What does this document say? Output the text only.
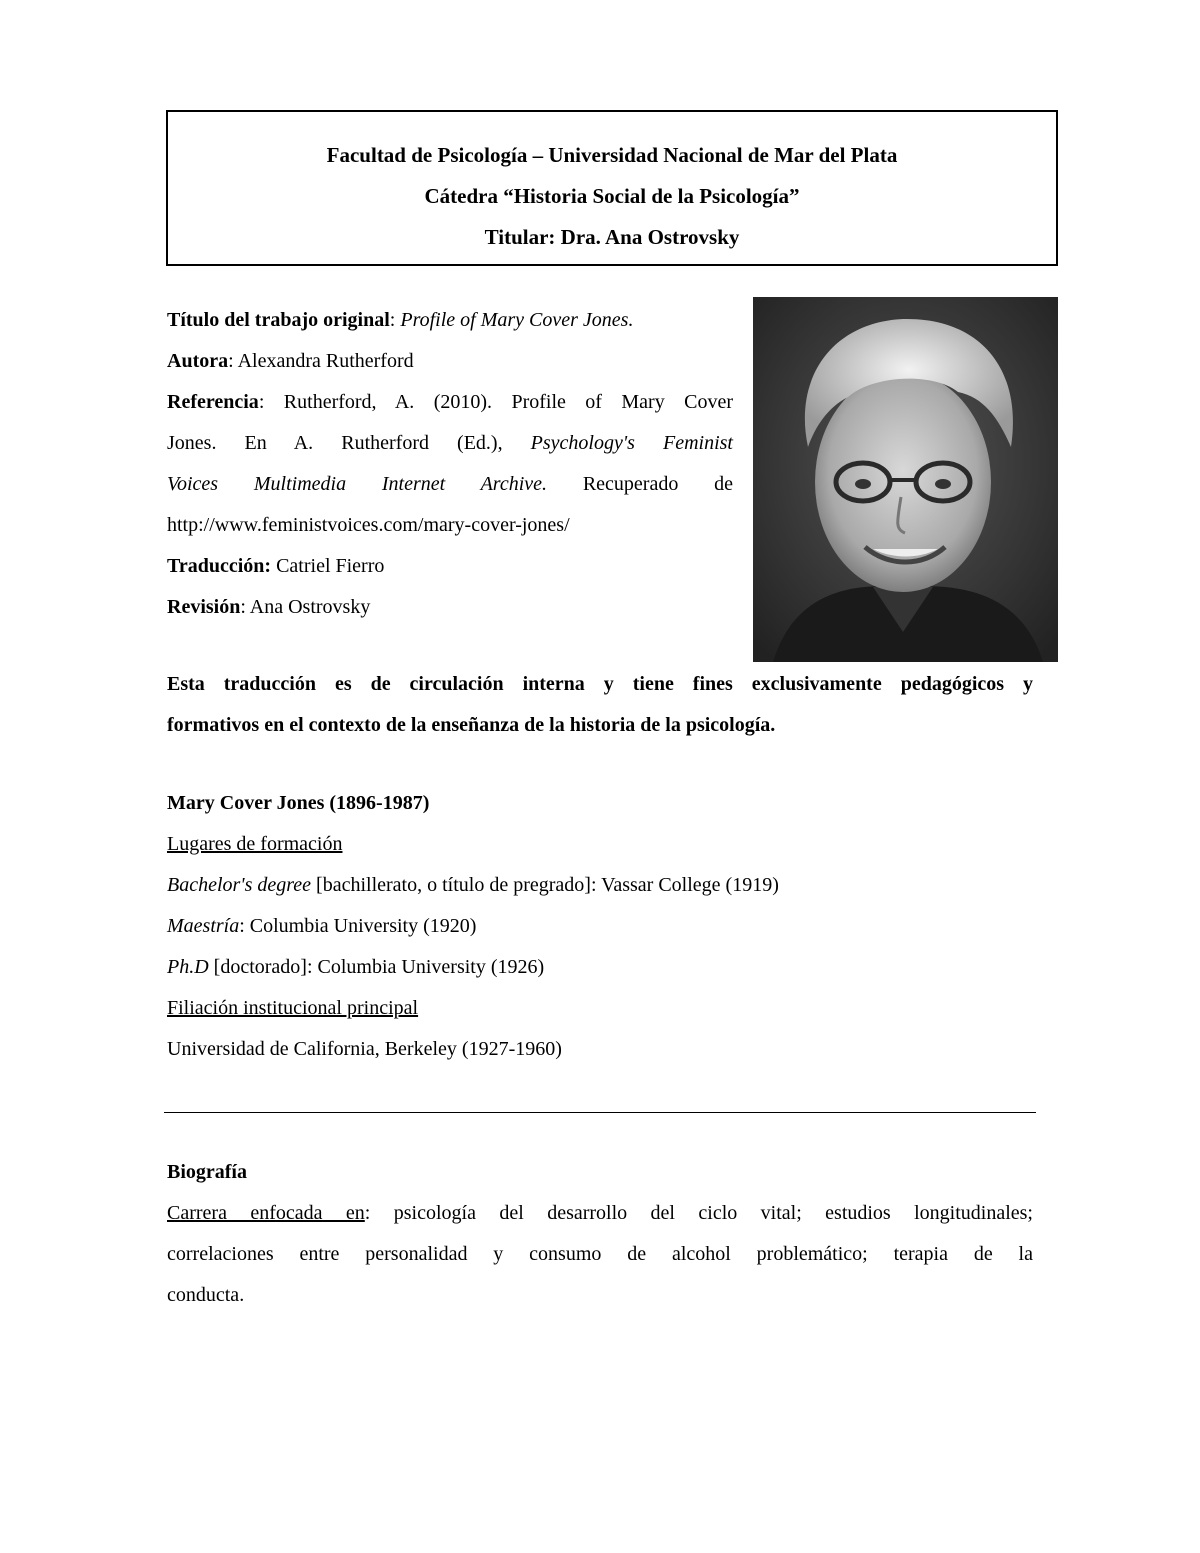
Facultad de Psicología – Universidad Nacional de Mar del Plata
Cátedra “Historia Social de la Psicología”
Titular: Dra. Ana Ostrovsky

Título del trabajo original: Profile of Mary Cover Jones.

Autora: Alexandra Rutherford

Referencia: Rutherford, A. (2010). Profile of Mary Cover

Jones. En A. Rutherford (Ed.), Psychology's Feminist

Voices Multimedia Internet Archive. Recuperado de

http://www.feministvoices.com/mary-cover-jones/

Traducción: Catriel Fierro

Revisión: Ana Ostrovsky

Esta traducción es de circulación interna y tiene fines exclusivamente pedagógicos y

formativos en el contexto de la enseñanza de la historia de la psicología.

Mary Cover Jones (1896-1987)

Lugares de formación

Bachelor's degree [bachillerato, o título de pregrado]: Vassar College (1919)

Maestría: Columbia University (1920)

Ph.D [doctorado]: Columbia University (1926)

Filiación institucional principal

Universidad de California, Berkeley (1927-1960)

Biografía

Carrera enfocada en: psicología del desarrollo del ciclo vital; estudios longitudinales;

correlaciones entre personalidad y consumo de alcohol problemático; terapia de la

conducta.
